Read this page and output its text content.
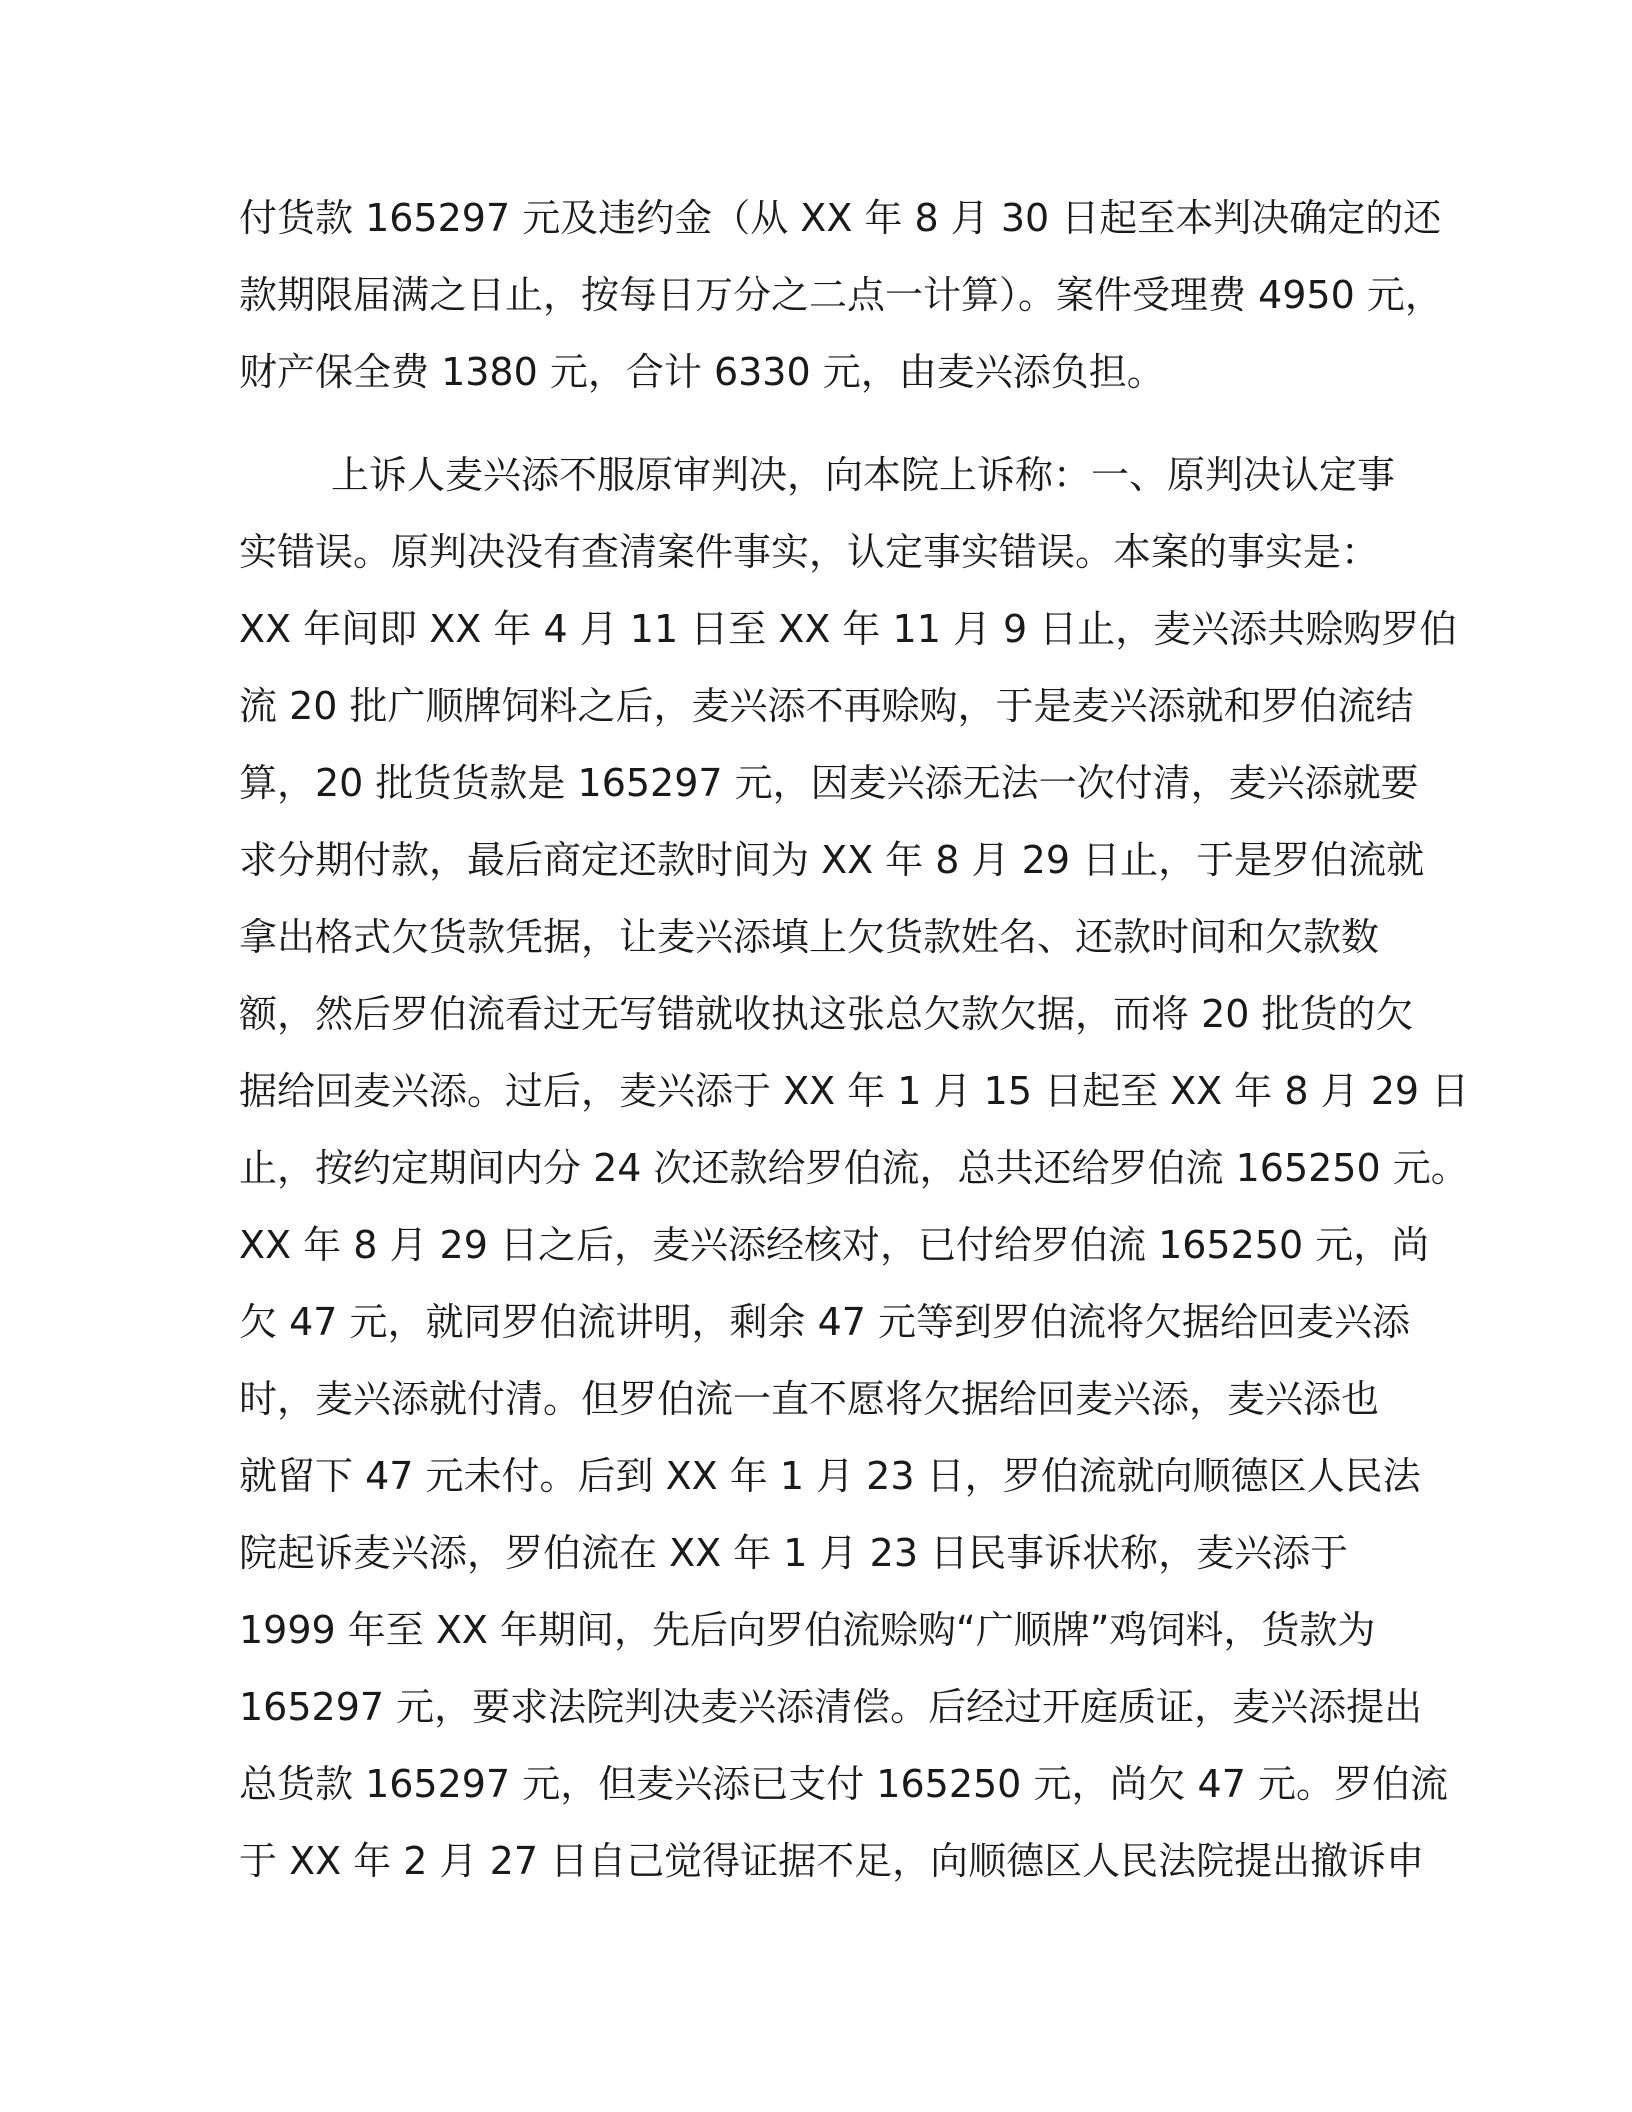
付货款 165297 元及违约金（从 XX 年 8 月 30 日起至本判决确定的还
款期限届满之日止，按每日万分之二点一计算）。案件受理费 4950 元，
财产保全费 1380 元，合计 6330 元，由麦兴添负担。
上诉人麦兴添不服原审判决，向本院上诉称：一、原判决认定事
实错误。原判决没有查清案件事实，认定事实错误。本案的事实是：
XX 年间即 XX 年 4 月 11 日至 XX 年 11 月 9 日止，麦兴添共赊购罗伯
流 20 批广顺牌饲料之后，麦兴添不再赊购，于是麦兴添就和罗伯流结
算，20 批货货款是 165297 元，因麦兴添无法一次付清，麦兴添就要
求分期付款，最后商定还款时间为 XX 年 8 月 29 日止，于是罗伯流就
拿出格式欠货款凭据，让麦兴添填上欠货款姓名、还款时间和欠款数
额，然后罗伯流看过无写错就收执这张总欠款欠据，而将 20 批货的欠
据给回麦兴添。过后，麦兴添于 XX 年 1 月 15 日起至 XX 年 8 月 29 日
止，按约定期间内分 24 次还款给罗伯流，总共还给罗伯流 165250 元。
XX 年 8 月 29 日之后，麦兴添经核对，已付给罗伯流 165250 元，尚
欠 47 元，就同罗伯流讲明，剩余 47 元等到罗伯流将欠据给回麦兴添
时，麦兴添就付清。但罗伯流一直不愿将欠据给回麦兴添，麦兴添也
就留下 47 元未付。后到 XX 年 1 月 23 日，罗伯流就向顺德区人民法
院起诉麦兴添，罗伯流在 XX 年 1 月 23 日民事诉状称，麦兴添于
1999 年至 XX 年期间，先后向罗伯流赊购“广顺牌”鸡饲料，货款为
165297 元，要求法院判决麦兴添清偿。后经过开庭质证，麦兴添提出
总货款 165297 元，但麦兴添已支付 165250 元，尚欠 47 元。罗伯流
于 XX 年 2 月 27 日自己觉得证据不足，向顺德区人民法院提出撤诉申
